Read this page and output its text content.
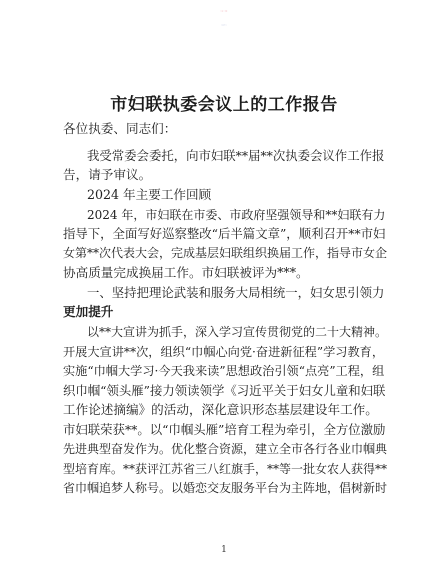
市妇联执委会议上的工作报告
各位执委、同志们：
我受常委会委托，向市妇联**届**次执委会议作工作报
告，请予审议。
2024 年主要工作回顾
2024 年，市妇联在市委、市政府坚强领导和**妇联有力
指导下，全面写好巡察整改“后半篇文章”，顺利召开**市妇
女第**次代表大会，完成基层妇联组织换届工作，指导市女企
协高质量完成换届工作。市妇联被评为***。
一、坚持把理论武装和服务大局相统一，妇女思引领力
更加提升
以**大宣讲为抓手，深入学习宣传贯彻党的二十大精神。
开展大宣讲**次，组织“巾帼心向党·奋进新征程”学习教育，
实施“巾帼大学习·今天我来读”思想政治引领“点亮”工程，组
织巾帼“领头雁”接力领读领学《习近平关于妇女儿童和妇联
工作论述摘编》的活动，深化意识形态基层建设年工作。
市妇联荣获**。以“巾帼头雁”培育工程为牵引，全方位激励
先进典型奋发作为。优化整合资源，建立全市各行各业巾帼典
型培育库。**获评江苏省三八红旗手，**等一批女农人获得**
省巾帼追梦人称号。以婚恋交友服务平台为主阵地，倡树新时
1
